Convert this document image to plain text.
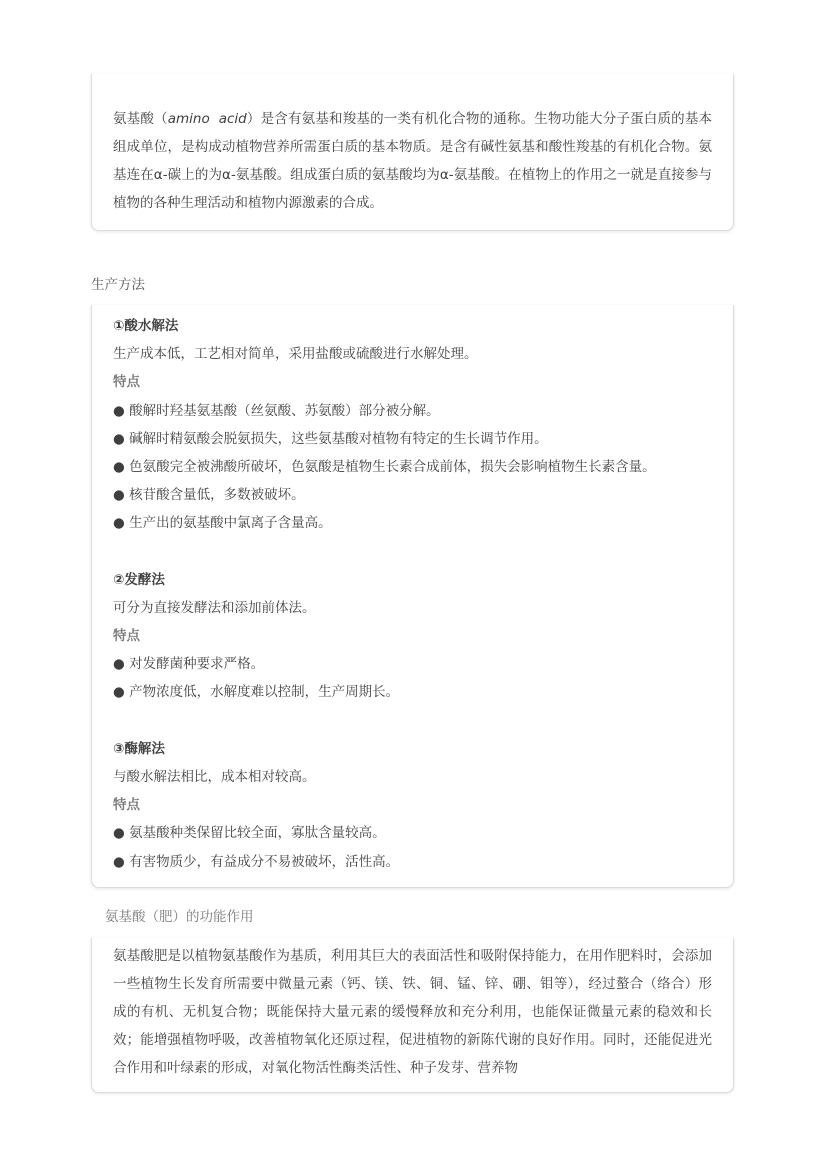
氨基酸（amino  acid）是含有氨基和羧基的一类有机化合物的通称。生物功能大分子蛋白质的基本组成单位，是构成动植物营养所需蛋白质的基本物质。是含有碱性氨基和酸性羧基的有机化合物。氨基连在α-碳上的为α-氨基酸。组成蛋白质的氨基酸均为α-氨基酸。在植物上的作用之一就是直接参与植物的各种生理活动和植物内源激素的合成。

生产方法
①酸水解法
生产成本低，工艺相对简单，采用盐酸或硫酸进行水解处理。
特点
● 酸解时羟基氨基酸（丝氨酸、苏氨酸）部分被分解。
● 碱解时精氨酸会脱氨损失，这些氨基酸对植物有特定的生长调节作用。
● 色氨酸完全被沸酸所破坏，色氨酸是植物生长素合成前体，损失会影响植物生长素含量。
● 核苷酸含量低，多数被破坏。
● 生产出的氨基酸中氯离子含量高。
②发酵法
可分为直接发酵法和添加前体法。
特点
● 对发酵菌种要求严格。
● 产物浓度低，水解度难以控制，生产周期长。
③酶解法
与酸水解法相比，成本相对较高。
特点
● 氨基酸种类保留比较全面，寡肽含量较高。
● 有害物质少，有益成分不易被破坏，活性高。
氨基酸（肥）的功能作用

氨基酸肥是以植物氨基酸作为基质，利用其巨大的表面活性和吸附保持能力，在用作肥料时，会添加一些植物生长发育所需要中微量元素（钙、镁、铁、铜、锰、锌、硼、钼等），经过螯合（络合）形成的有机、无机复合物；既能保持大量元素的缓慢释放和充分利用，也能保证微量元素的稳效和长效；能增强植物呼吸，改善植物氧化还原过程，促进植物的新陈代谢的良好作用。同时，还能促进光合作用和叶绿素的形成，对氧化物活性酶类活性、种子发芽、营养物
